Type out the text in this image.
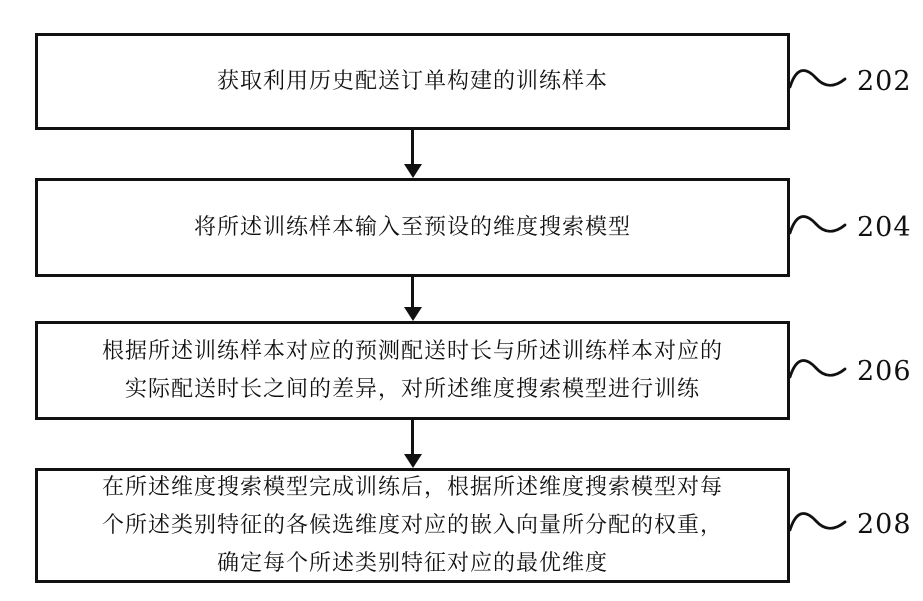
获取利用历史配送订单构建的训练样本
将所述训练样本输入至预设的维度搜索模型
根据所述训练样本对应的预测配送时长与所述训练样本对应的
实际配送时长之间的差异，对所述维度搜索模型进行训练
在所述维度搜索模型完成训练后，根据所述维度搜索模型对每
个所述类别特征的各候选维度对应的嵌入向量所分配的权重，
确定每个所述类别特征对应的最优维度
202
204
206
208
